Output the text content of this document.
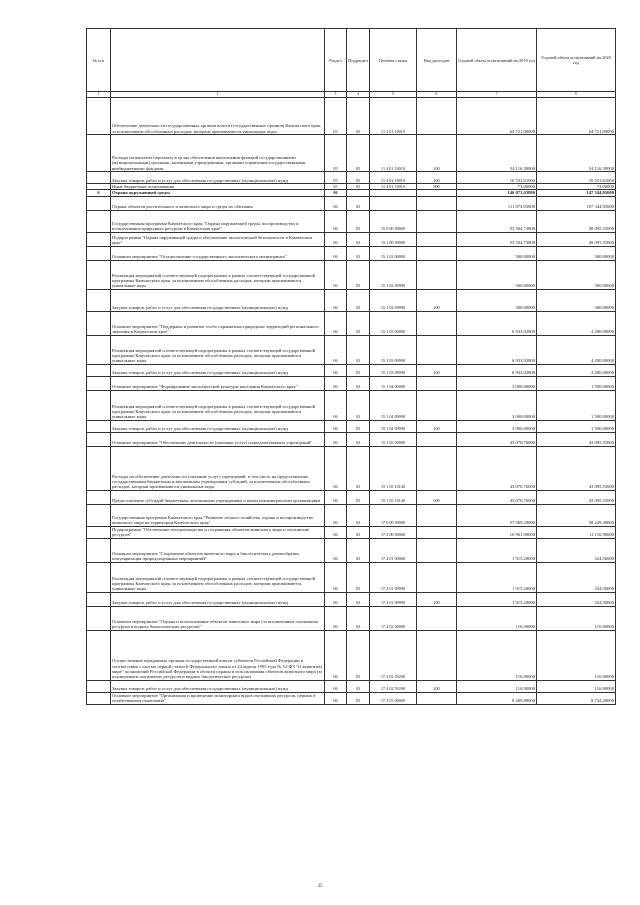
№ п/п		Раздел	Подраздел	Целевая статья	Вид расходов	Годовой объем ассигнований на 2019 год	Годовой объем ассигнований на 2020 год
1	2	3	4	5	6	7	8
	Обеспечение деятельности государственных органов власти (государственных органов) Камчатского края, за исключением обособленных расходов, которым присваиваются уникальные коды	05	05	11 4 01 10010		64 721,00000	64 721,00000
	Расходы на выплаты персоналу в целях обеспечения выполнения функций государственными (муниципальными) органами, казенными учреждениями, органами управления государственными внебюджетными фондами	05	05	11 4 01 10010	100	54 116,39000	54 116,39000
	Закупка товаров, работ и услуг для обеспечения государственных (муниципальных) нужд	05	05	11 4 01 10010	200	10 531,61000	10 531,61000
	Иные бюджетные ассигнования	05	05	11 4 01 10010	800	73,00000	73,00000
6	Охрана окружающей среды	06				146 073,03800	147 344,95000
	Охрана объектов растительного и животного мира и среды их обитания	06	03			111 073,03800	107 344,95000
	Государственная программа Камчатского края "Охрана окружающей среды, воспроизводство и использование природных ресурсов в Камчатском крае"	06	03	15 0 00 00000		53 504,73800	49 095,55000
	Подпрограмма "Охрана окружающей среды и обеспечение экологической безопасности в Камчатском крае"	06	03	15 1 00 00000		53 504,73800	49 095,55000
	Основное мероприятие "Осуществление государственного экологического мониторинга"	06	03	15 1 02 00000		500,00000	300,00000
	Реализация мероприятий соответствующей подпрограммы в рамках соответствующей государственной программы Камчатского края, за исключением обособленных расходов, которым присваиваются уникальные коды	06	03	15 1 02 09990		500,00000	300,00000
	Закупка товаров, работ и услуг для обеспечения государственных (муниципальных) нужд	06	03	15 1 02 09990	200	500,00000	300,00000
	Основное мероприятие "Поддержка и развитие особо охраняемых природных территорий регионального значения в Камчатском крае"	06	03	15 1 03 00000		6 933,92800	4 200,00000
	Реализация мероприятий соответствующей подпрограммы в рамках соответствующей государственной программы Камчатского края, за исключением обособленных расходов, которым присваиваются уникальные коды	06	03	15 1 03 09990		6 933,92800	4 200,00000
	Закупка товаров, работ и услуг для обеспечения государственных (муниципальных) нужд	06	03	15 1 03 09990	200	6 933,92800	4 200,00000
	Основное мероприятие "Формирование экологической культуры населения Камчатского края"	06	03	15 1 04 00000		3 000,00000	1 500,00000
	Реализация мероприятий соответствующей подпрограммы в рамках соответствующей государственной программы Камчатского края, за исключением обособленных расходов, которым присваиваются уникальные коды	06	03	15 1 04 09990		3 000,00000	1 500,00000
	Закупка товаров, работ и услуг для обеспечения государственных (муниципальных) нужд	06	03	15 1 04 09990	200	3 000,00000	1 500,00000
	Основное мероприятие "Обеспечение деятельности (оказание услуг) подведомственных учреждений"	06	03	15 1 05 00000		43 070,76000	43 095,55000
	Расходы на обеспечение деятельности (оказание услуг) учреждений, в том числе на предоставление государственным бюджетным и автономным учреждениям субсидий, за исключением обособленных расходов, которым присваиваются уникальные коды	06	03	15 1 05 10140		43 070,76000	43 095,55000
	Предоставление субсидий бюджетным, автономным учреждениям и иным некоммерческим организациям	06	03	15 1 05 10140	600	43 070,76000	43 095,55000
	Государственная программа Камчатского края "Развитие лесного хозяйства, охрана и воспроизводство животного мира на территории Камчатского края"	06	03	17 0 00 00000		57 569,20000	58 249,40000
	Подпрограмма "Обеспечение воспроизводства и сохранения объектов животного мира и охотничьих ресурсов"	06	03	17 4 00 00000		10 961,90000	11 116,90000
	Основное мероприятие "Сохранение объектов животного мира и биологического разнообразия, популяризация природоохранных мероприятий"	06	03	17 4 01 00000		1 915,20000	324,50000
	Реализация мероприятий соответствующей подпрограммы в рамках соответствующей государственной программы Камчатского края, за исключением обособленных расходов, которым присваиваются уникальные коды	06	03	17 4 01 09990		1 915,20000	324,50000
	Закупка товаров, работ и услуг для обеспечения государственных (муниципальных) нужд	06	03	17 4 01 09990	200	1 915,20000	324,50000
	Основное мероприятие "Охрана и использование объектов животного мира (за исключением охотничьих ресурсов и водных биологических ресурсов)"	06	03	17 4 02 00000		116,90000	116,90000
	Осуществление переданных органам государственной власти субъектов Российской Федерации в соответствии с частью первой статьи 6 Федерального закона от 24 апреля 1995 года № 52-ФЗ "О животном мире" полномочий Российской Федерации в области охраны и использования объектов животного мира (за исключением охотничьих ресурсов и водных биологических ресурсов)	06	03	17 4 02 59200		116,90000	116,90000
	Закупка товаров, работ и услуг для обеспечения государственных (муниципальных) нужд	06	03	17 4 02 59200	200	116,90000	116,90000
	Основное мероприятие "Организация и проведение мониторинга видов охотничьих ресурсов, ценных в хозяйственном отношении"	06	03	17 4 03 00000		8 409,80000	8 742,20000
35
